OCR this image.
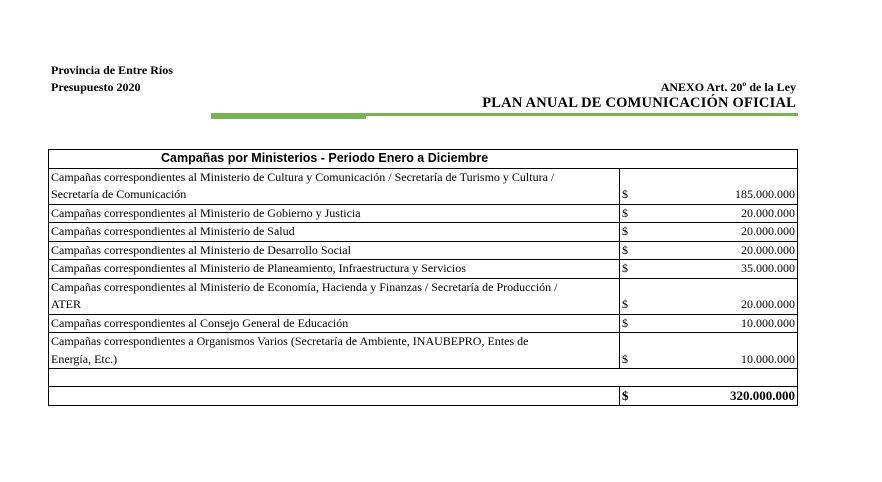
Provincia de Entre Ríos
Presupuesto 2020	ANEXO Art. 20º de la Ley
PLAN ANUAL DE COMUNICACIÓN OFICIAL
Campañas por Ministerios - Periodo Enero a Diciembre		

Campañas correspondientes al Ministerio de Cultura y Comunicación / Secretaría de Turismo y Cultura /
Secretaría de Comunicación	$	185.000.000

Campañas correspondientes al Ministerio de Gobierno y Justicia	$	20.000.000

Campañas correspondientes al Ministerio de Salud	$	20.000.000

Campañas correspondientes al Ministerio de Desarrollo Social	$	20.000.000

Campañas correspondientes al Ministerio de Planeamiento, Infraestructura y Servicios	$	35.000.000

Campañas correspondientes al Ministerio de Economía, Hacienda y Finanzas / Secretaría de Producción /
ATER	$	20.000.000

Campañas correspondientes al Consejo General de Educación	$	10.000.000

Campañas correspondientes a Organismos Varios (Secretaría de Ambiente, INAUBEPRO, Entes de
Energía, Etc.)	$	10.000.000

	$	320.000.000
